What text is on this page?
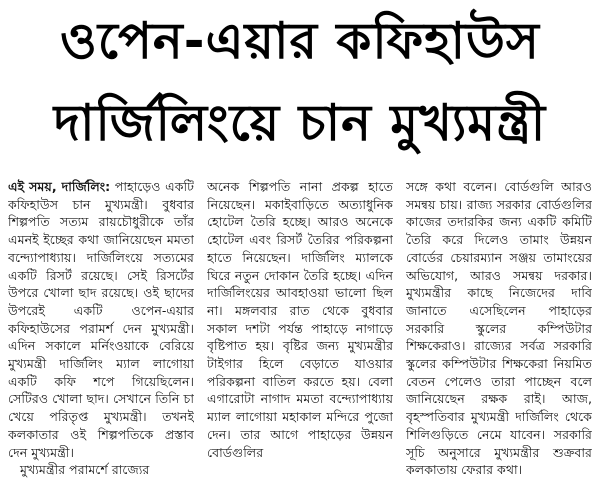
ওপেন-এয়ার কফিহাউস
দার্জিলিংয়ে চান মুখ্যমন্ত্রী

এই সময়, দার্জিলিং: পাহাড়েও একটি কফিহাউস চান মুখ্যমন্ত্রী। বুধবার শিল্পপতি সত্যম রায়চৌধুরীকে তাঁর এমনই ইচ্ছের কথা জানিয়েছেন মমতা বন্দ্যোপাধ্যায়। দার্জিলিংয়ে সত্যমের একটি রিসর্ট রয়েছে। সেই রিসর্টের উপরে খোলা ছাদ রয়েছে। ওই ছাদের উপরেই একটি ওপেন-এয়ার কফিহাউসের পরামর্শ দেন মুখ্যমন্ত্রী। এদিন সকালে মর্নিংওয়াকে বেরিয়ে মুখ্যমন্ত্রী দার্জিলিং ম্যাল লাগোয়া একটি কফি শপে গিয়েছিলেন। সেটিরও খোলা ছাদ। সেখানে তিনি চা খেয়ে পরিতৃপ্ত মুখ্যমন্ত্রী। তখনই কলকাতার ওই শিল্পপতিকে প্রস্তাব দেন মুখ্যমন্ত্রী।

মুখ্যমন্ত্রীর পরামর্শে রাজ্যের

অনেক শিল্পপতি নানা প্রকল্প হাতে নিয়েছেন। মকাইবাড়িতে অত্যাধুনিক হোটেল তৈরি হচ্ছে। আরও অনেকে হোটেল এবং রিসর্ট তৈরির পরিকল্পনা হাতে নিয়েছেন। দার্জিলিং ম্যালকে ঘিরে নতুন দোকান তৈরি হচ্ছে। এদিন দার্জিলিংয়ের আবহাওয়া ভালো ছিল না। মঙ্গলবার রাত থেকে বুধবার সকাল দশটা পর্যন্ত পাহাড়ে নাগাড়ে বৃষ্টিপাত হয়। বৃষ্টির জন্য মুখ্যমন্ত্রীর টাইগার হিলে বেড়াতে যাওয়ার পরিকল্পনা বাতিল করতে হয়। বেলা এগারোটা নাগাদ মমতা বন্দ্যোপাধ্যায় ম্যাল লাগোয়া মহাকাল মন্দিরে পুজো দেন। তার আগে পাহাড়ের উন্নয়ন বোর্ডগুলির

সঙ্গে কথা বলেন। বোর্ডগুলি আরও সমন্বয় চায়। রাজ্য সরকার বোর্ডগুলির কাজের তদারকির জন্য একটি কমিটি তৈরি করে দিলেও তামাং উন্নয়ন বোর্ডের চেয়ারম্যান সঞ্জয় তামাংয়ের অভিযোগ, আরও সমন্বয় দরকার। মুখ্যমন্ত্রীর কাছে নিজেদের দাবি জানাতে এসেছিলেন পাহাড়ের সরকারি স্কুলের কম্পিউটার শিক্ষকেরাও। রাজ্যের সর্বত্র সরকারি স্কুলের কম্পিউটার শিক্ষকেরা নিয়মিত বেতন পেলেও তারা পাচ্ছেন বলে জানিয়েছেন রক্ষক রাই। আজ, বৃহস্পতিবার মুখ্যমন্ত্রী দার্জিলিং থেকে শিলিগুড়িতে নেমে যাবেন। সরকারি সূচি অনুসারে মুখ্যমন্ত্রীর শুক্রবার কলকাতায় ফেরার কথা।
